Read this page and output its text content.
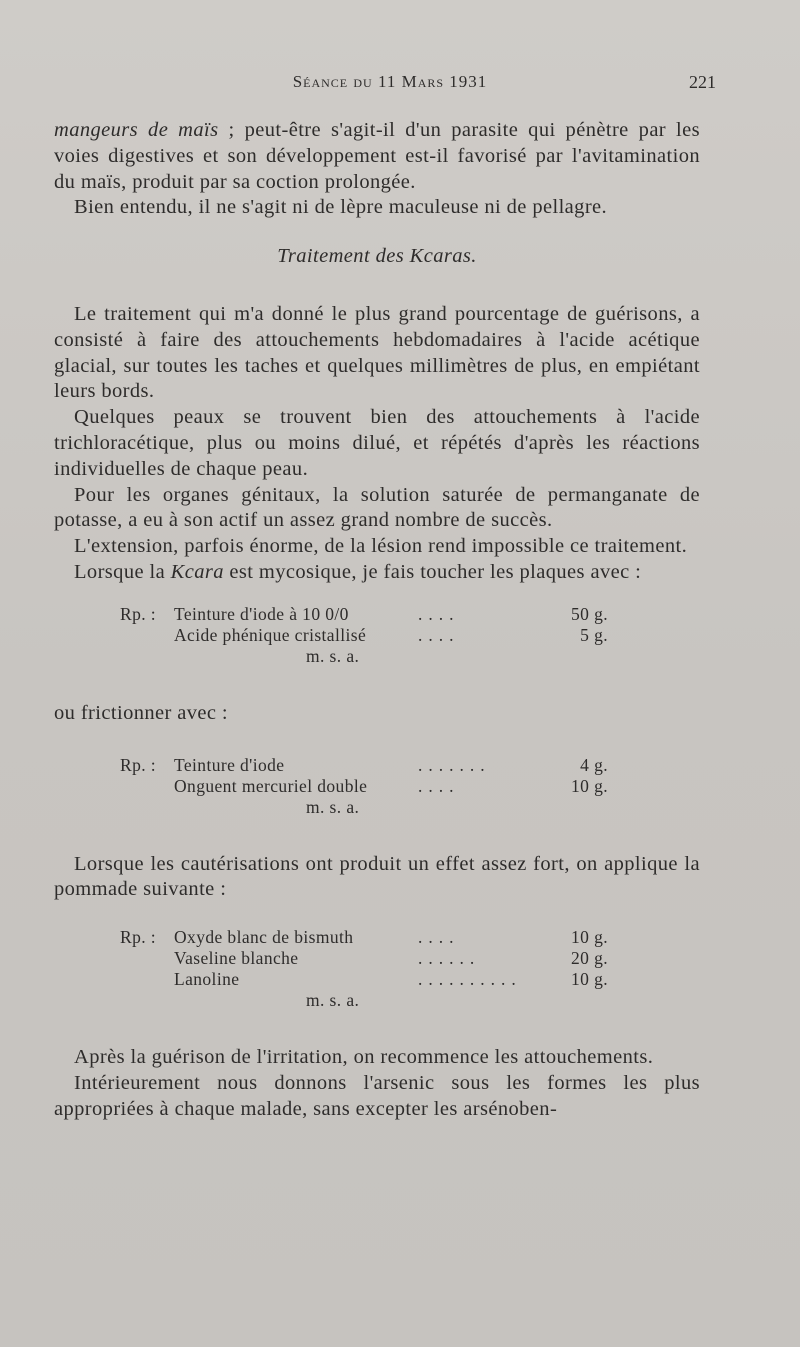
Séance du 11 Mars 1931	221

mangeurs de maïs ; peut-être s'agit-il d'un parasite qui pénètre par les voies digestives et son développement est-il favorisé par l'avitamination du maïs, produit par sa coction prolongée.

Bien entendu, il ne s'agit ni de lèpre maculeuse ni de pellagre.

Traitement des Kcaras.

Le traitement qui m'a donné le plus grand pourcentage de guérisons, a consisté à faire des attouchements hebdomadaires à l'acide acétique glacial, sur toutes les taches et quelques millimètres de plus, en empiétant leurs bords.

Quelques peaux se trouvent bien des attouchements à l'acide trichloracétique, plus ou moins dilué, et répétés d'après les réactions individuelles de chaque peau.

Pour les organes génitaux, la solution saturée de permanganate de potasse, a eu à son actif un assez grand nombre de succès.

L'extension, parfois énorme, de la lésion rend impossible ce traitement.

Lorsque la Kcara est mycosique, je fais toucher les plaques avec :

Rp. :	Teinture d'iode à 10 0/0	....	50 g.
Acide phénique cristallisé	....	5 g.
m. s. a.

ou frictionner avec :

Rp. :	Teinture d'iode	.......	4 g.
Onguent mercuriel double	....	10 g.
m. s. a.

Lorsque les cautérisations ont produit un effet assez fort, on applique la pommade suivante :

Rp. :	Oxyde blanc de bismuth	....	10 g.
Vaseline blanche	......	20 g.
Lanoline	..........	10 g.
m. s. a.

Après la guérison de l'irritation, on recommence les attouchements.

Intérieurement nous donnons l'arsenic sous les formes les plus appropriées à chaque malade, sans excepter les arsénoben-
